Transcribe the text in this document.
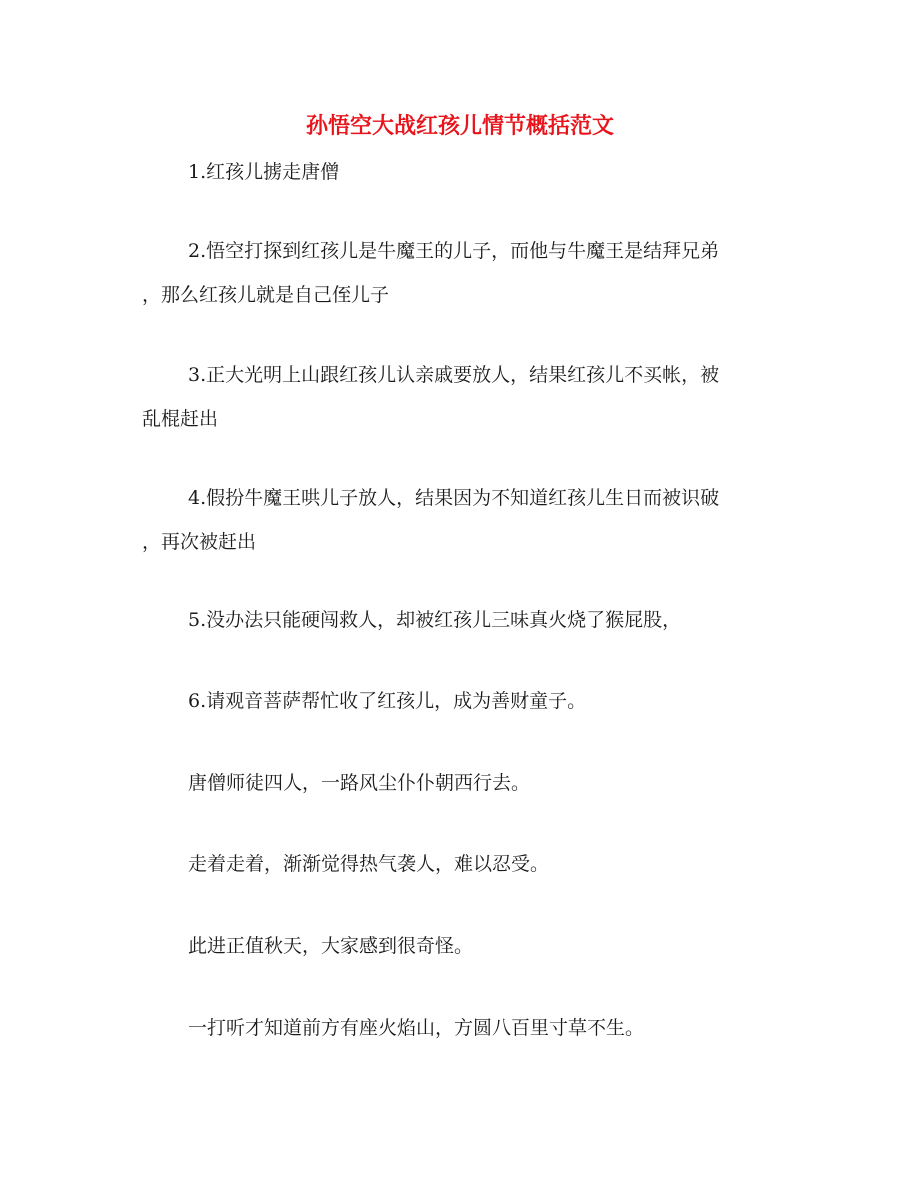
孙悟空大战红孩儿情节概括范文

1.红孩儿掳走唐僧

2.悟空打探到红孩儿是牛魔王的儿子，而他与牛魔王是结拜兄弟
，那么红孩儿就是自己侄儿子

3.正大光明上山跟红孩儿认亲戚要放人，结果红孩儿不买帐，被
乱棍赶出

4.假扮牛魔王哄儿子放人，结果因为不知道红孩儿生日而被识破
，再次被赶出

5.没办法只能硬闯救人，却被红孩儿三味真火烧了猴屁股，

6.请观音菩萨帮忙收了红孩儿，成为善财童子。

唐僧师徒四人，一路风尘仆仆朝西行去。

走着走着，渐渐觉得热气袭人，难以忍受。

此进正值秋天，大家感到很奇怪。

一打听才知道前方有座火焰山，方圆八百里寸草不生。
